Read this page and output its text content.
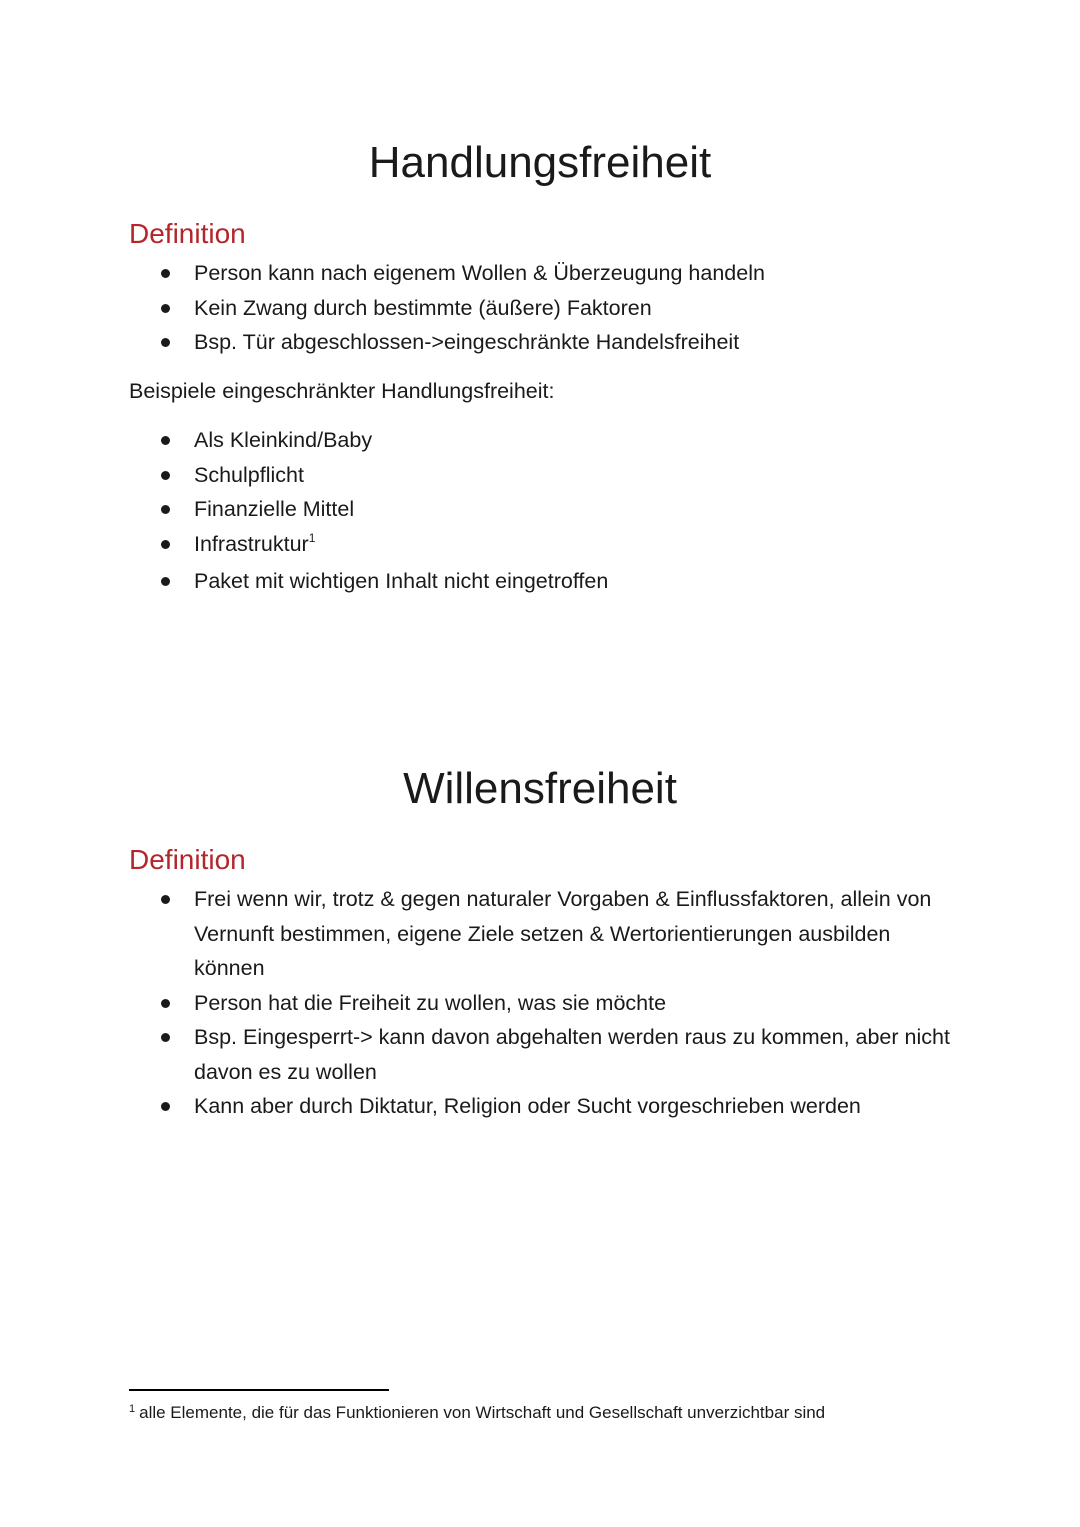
Handlungsfreiheit
Definition
Person kann nach eigenem Wollen & Überzeugung handeln
Kein Zwang durch bestimmte (äußere) Faktoren
Bsp. Tür abgeschlossen->eingeschränkte Handelsfreiheit

Beispiele eingeschränkter Handlungsfreiheit:

Als Kleinkind/Baby
Schulpflicht
Finanzielle Mittel
Infrastruktur$^1$
Paket mit wichtigen Inhalt nicht eingetroffen
Willensfreiheit
Definition
Frei wenn wir, trotz & gegen naturaler Vorgaben & Einflussfaktoren, allein von Vernunft bestimmen, eigene Ziele setzen & Wertorientierungen ausbilden können
Person hat die Freiheit zu wollen, was sie möchte
Bsp. Eingesperrt-> kann davon abgehalten werden raus zu kommen, aber nicht davon es zu wollen
Kann aber durch Diktatur, Religion oder Sucht vorgeschrieben werden

$^1$ alle Elemente, die für das Funktionieren von Wirtschaft und Gesellschaft unverzichtbar sind
